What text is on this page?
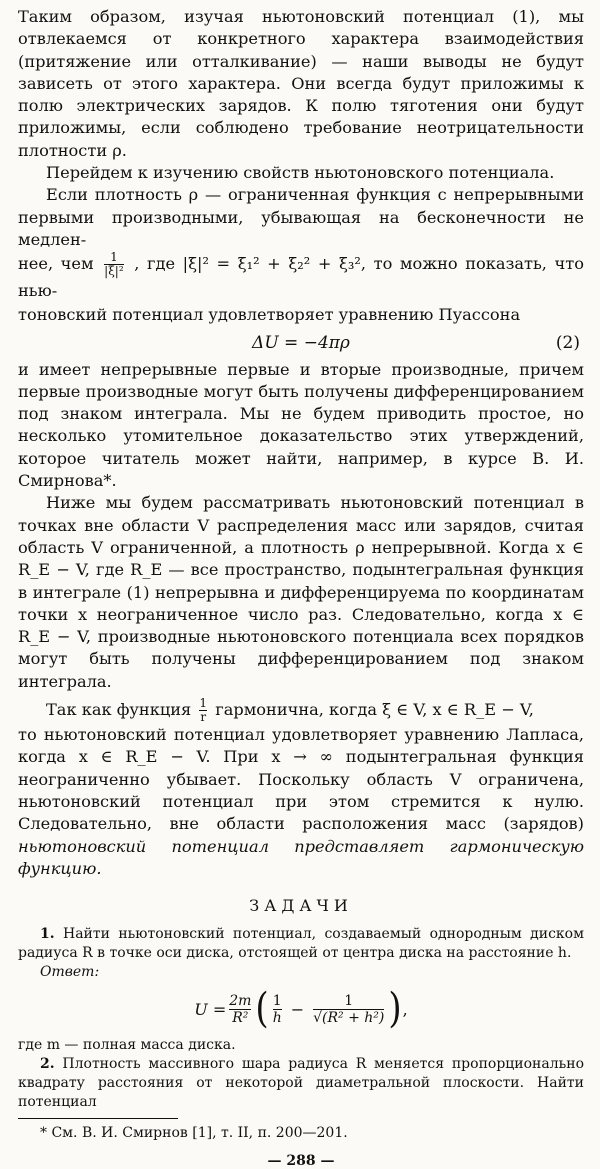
Таким образом, изучая ньютоновский потенциал (1), мы отвлекаемся от конкретного характера взаимодействия (притяжение или отталкивание) — наши выводы не будут зависеть от этого характера. Они всегда будут приложимы к полю электрических зарядов. К полю тяготения они будут приложимы, если соблюдено требование неотрицательности плотности ρ.

Перейдем к изучению свойств ньютоновского потенциала.

Если плотность ρ — ограниченная функция с непрерывными первыми производными, убывающая на бесконечности не медлен-

нее, чем $\frac{1}{\text{|ξ|²}}$ , где |ξ|² = ξ₁² + ξ₂² + ξ₃², то можно показать, что нью-

тоновский потенциал удовлетворяет уравнению Пуассона

ΔU = −4πρ	(2)

и имеет непрерывные первые и вторые производные, причем первые производные могут быть получены дифференцированием под знаком интеграла. Мы не будем приводить простое, но несколько утомительное доказательство этих утверждений, которое читатель может найти, например, в курсе В. И. Смирнова*.

Ниже мы будем рассматривать ньютоновский потенциал в точках вне области V распределения масс или зарядов, считая область V ограниченной, а плотность ρ непрерывной. Когда x ∈ R_E − V, где R_E — все пространство, подынтегральная функция в интеграле (1) непрерывна и дифференцируема по координатам точки x неограниченное число раз. Следовательно, когда x ∈ R_E − V, производные ньютоновского потенциала всех порядков могут быть получены дифференцированием под знаком интеграла.

Так как функция $\frac{1}{r}$ гармонична, когда ξ ∈ V, x ∈ R_E − V,

то ньютоновский потенциал удовлетворяет уравнению Лапласа, когда x ∈ R_E − V. При x → ∞ подынтегральная функция неограниченно убывает. Поскольку область V ограничена, ньютоновский потенциал при этом стремится к нулю. Следовательно, вне области расположения масс (зарядов) ньютоновский потенциал представляет гармоническую функцию.

ЗАДАЧИ

1. Найти ньютоновский потенциал, создаваемый однородным диском радиуса R в точке оси диска, отстоящей от центра диска на расстояние h.

Ответ:

$U = \frac{2m}{\text{R²}}$ ( $\frac{1}{h} - \frac{1}{\text{√(R² + h²)}}$ ) ,

где m — полная масса диска.

2. Плотность массивного шара радиуса R меняется пропорционально квадрату расстояния от некоторой диаметральной плоскости. Найти потенциал

* См. В. И. Смирнов [1], т. II, п. 200—201.

— 288 —
